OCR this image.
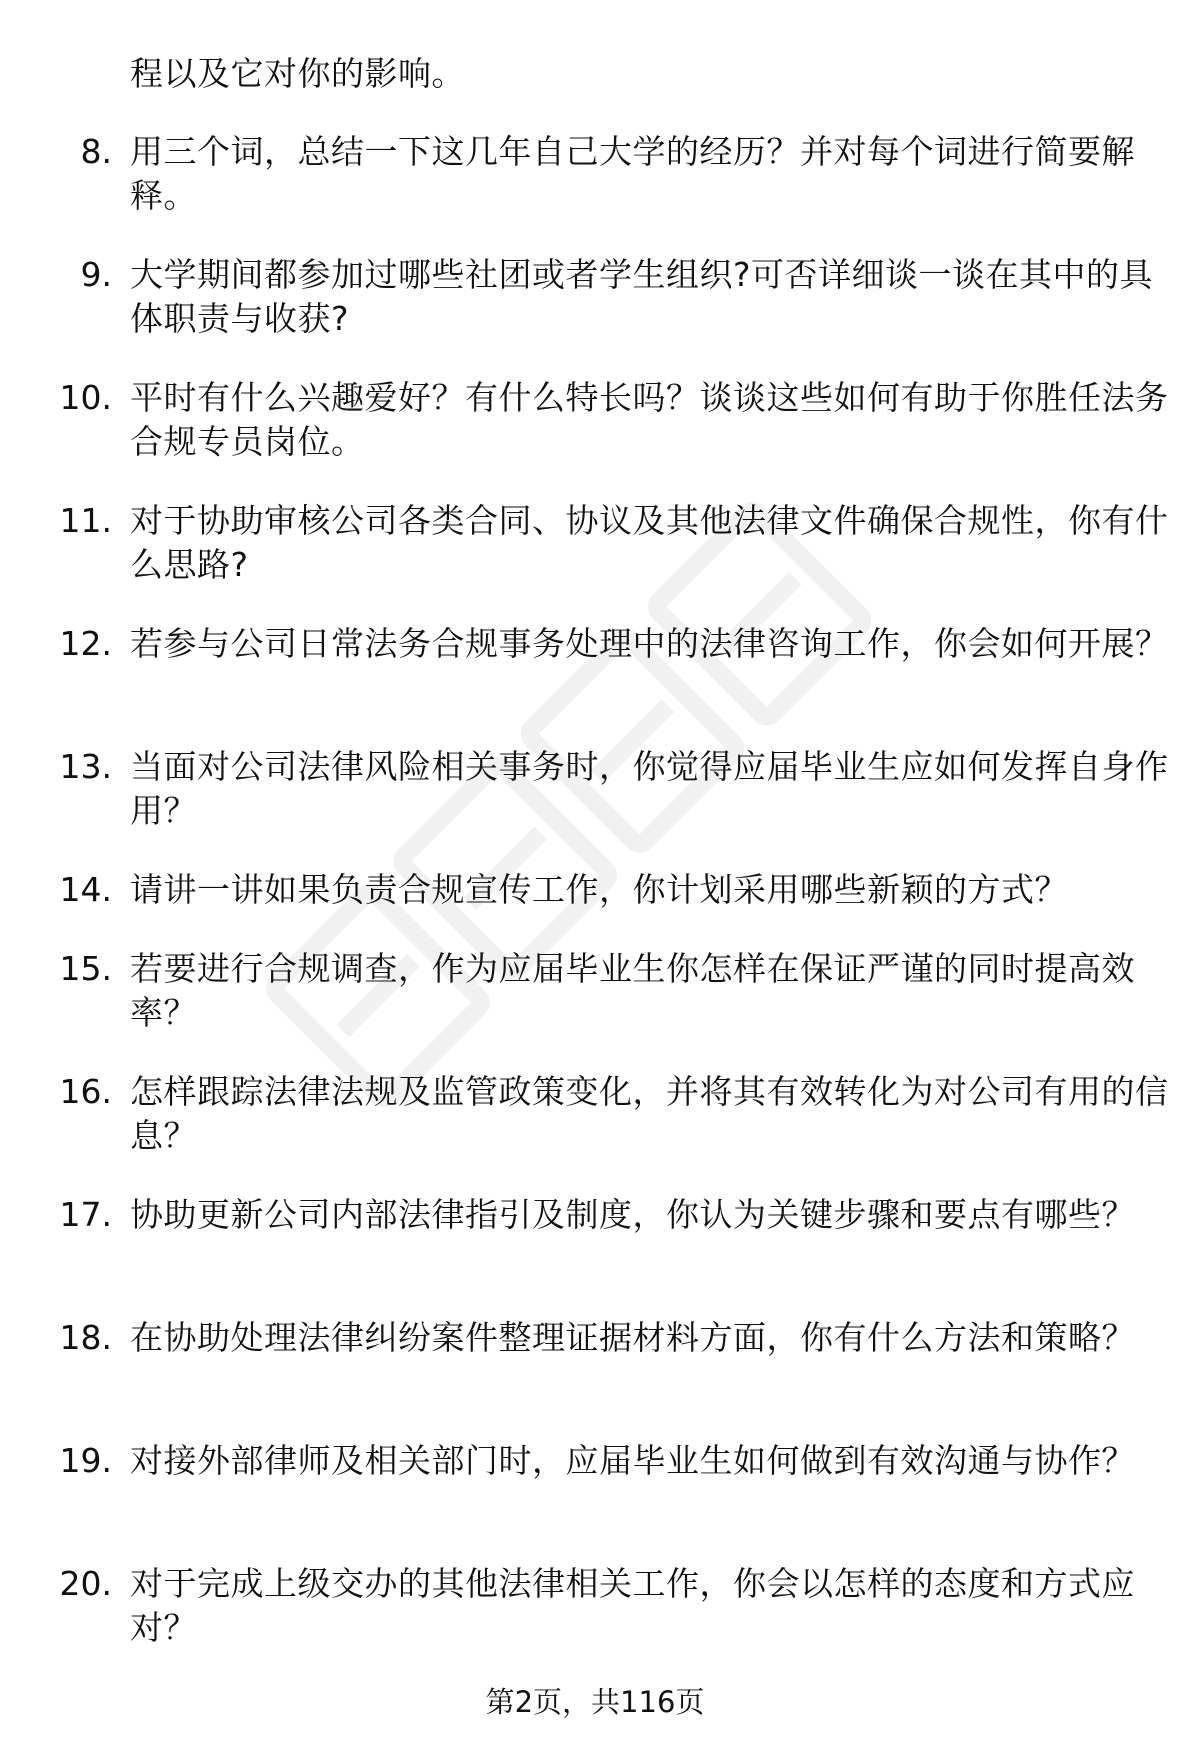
程以及它对你的影响。
8. 用三个词，总结一下这几年自己大学的经历？并对每个词进行简要解释。
9. 大学期间都参加过哪些社团或者学生组织?可否详细谈一谈在其中的具体职责与收获?
10. 平时有什么兴趣爱好？有什么特长吗？谈谈这些如何有助于你胜任法务合规专员岗位。
11. 对于协助审核公司各类合同、协议及其他法律文件确保合规性，你有什么思路?
12. 若参与公司日常法务合规事务处理中的法律咨询工作，你会如何开展？
13. 当面对公司法律风险相关事务时，你觉得应届毕业生应如何发挥自身作用？
14. 请讲一讲如果负责合规宣传工作，你计划采用哪些新颖的方式？
15. 若要进行合规调查，作为应届毕业生你怎样在保证严谨的同时提高效率？
16. 怎样跟踪法律法规及监管政策变化，并将其有效转化为对公司有用的信息？
17. 协助更新公司内部法律指引及制度，你认为关键步骤和要点有哪些？
18. 在协助处理法律纠纷案件整理证据材料方面，你有什么方法和策略？
19. 对接外部律师及相关部门时，应届毕业生如何做到有效沟通与协作？
20. 对于完成上级交办的其他法律相关工作，你会以怎样的态度和方式应对？
第2页，共116页
